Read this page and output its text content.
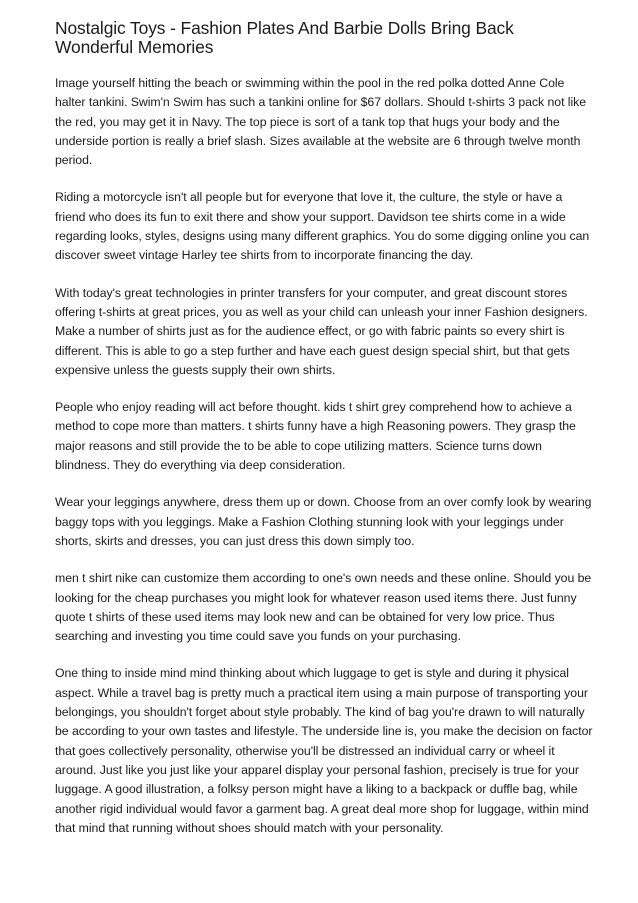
Nostalgic Toys - Fashion Plates And Barbie Dolls Bring Back Wonderful Memories

Image yourself hitting the beach or swimming within the pool in the red polka dotted Anne Cole halter tankini. Swim'n Swim has such a tankini online for $67 dollars. Should t-shirts 3 pack not like the red, you may get it in Navy. The top piece is sort of a tank top that hugs your body and the underside portion is really a brief slash. Sizes available at the website are 6 through twelve month period.

Riding a motorcycle isn't all people but for everyone that love it, the culture, the style or have a friend who does its fun to exit there and show your support. Davidson tee shirts come in a wide regarding looks, styles, designs using many different graphics. You do some digging online you can discover sweet vintage Harley tee shirts from to incorporate financing the day.

With today's great technologies in printer transfers for your computer, and great discount stores offering t-shirts at great prices, you as well as your child can unleash your inner Fashion designers. Make a number of shirts just as for the audience effect, or go with fabric paints so every shirt is different. This is able to go a step further and have each guest design special shirt, but that gets expensive unless the guests supply their own shirts.

People who enjoy reading will act before thought. kids t shirt grey comprehend how to achieve a method to cope more than matters. t shirts funny have a high Reasoning powers. They grasp the major reasons and still provide the to be able to cope utilizing matters. Science turns down blindness. They do everything via deep consideration.

Wear your leggings anywhere, dress them up or down. Choose from an over comfy look by wearing baggy tops with you leggings. Make a Fashion Clothing stunning look with your leggings under shorts, skirts and dresses, you can just dress this down simply too.

men t shirt nike can customize them according to one's own needs and these online. Should you be looking for the cheap purchases you might look for whatever reason used items there. Just funny quote t shirts of these used items may look new and can be obtained for very low price. Thus searching and investing you time could save you funds on your purchasing.

One thing to inside mind mind thinking about which luggage to get is style and during it physical aspect. While a travel bag is pretty much a practical item using a main purpose of transporting your belongings, you shouldn't forget about style probably. The kind of bag you're drawn to will naturally be according to your own tastes and lifestyle. The underside line is, you make the decision on factor that goes collectively personality, otherwise you'll be distressed an individual carry or wheel it around. Just like you just like your apparel display your personal fashion, precisely is true for your luggage. A good illustration, a folksy person might have a liking to a backpack or duffle bag, while another rigid individual would favor a garment bag. A great deal more shop for luggage, within mind that mind that running without shoes should match with your personality.
